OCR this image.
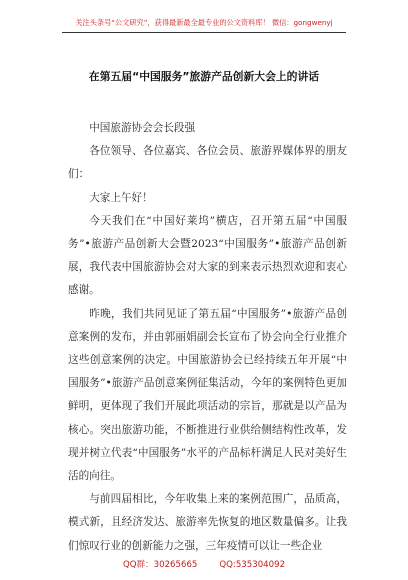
关注头条号“公文研究”，获得最新最全最专业的公文资料库！ 微信：gongwenyj
在第五届“中国服务”旅游产品创新大会上的讲话

中国旅游协会会长段强

各位领导、各位嘉宾、各位会员、旅游界媒体界的朋友们：

大家上午好！

今天我们在“中国好莱坞”横店，召开第五届“中国服务”•旅游产品创新大会暨2023“中国服务”•旅游产品创新展，我代表中国旅游协会对大家的到来表示热烈欢迎和衷心感谢。

昨晚，我们共同见证了第五届“中国服务”•旅游产品创意案例的发布，并由郭丽娟副会长宣布了协会向全行业推介这些创意案例的决定。中国旅游协会已经持续五年开展“中国服务”•旅游产品创意案例征集活动，今年的案例特色更加鲜明，更体现了我们开展此项活动的宗旨，那就是以产品为核心。突出旅游功能，不断推进行业供给侧结构性改革，发现并树立代表“中国服务”水平的产品标杆满足人民对美好生活的向往。

与前四届相比，今年收集上来的案例范围广，品质高，模式新，且经济发达、旅游率先恢复的地区数量偏多。让我们惊叹行业的创新能力之强，三年疫情可以让一些企业

QQ群：30265665	QQ:535304092
